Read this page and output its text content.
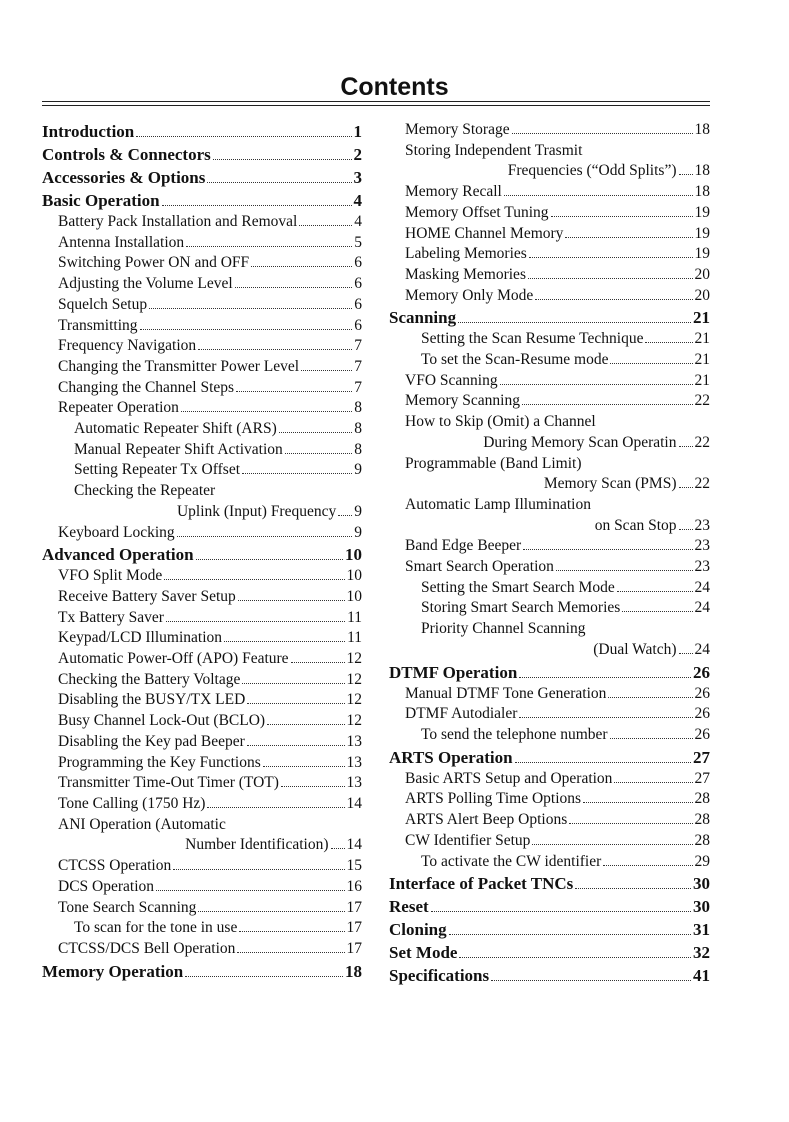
Contents
Introduction	1
Controls & Connectors	2
Accessories & Options	3
Basic Operation	4
Battery Pack Installation and Removal	4
Antenna Installation	5
Switching Power ON and OFF	6
Adjusting the Volume Level	6
Squelch Setup	6
Transmitting	6
Frequency Navigation	7
Changing the Transmitter Power Level	7
Changing the Channel Steps	7
Repeater Operation	8
Automatic Repeater Shift (ARS)	8
Manual Repeater Shift Activation	8
Setting Repeater Tx Offset	9
Checking the Repeater
Uplink (Input) Frequency 9
Keyboard Locking	9
Advanced Operation	10
VFO Split Mode	10
Receive Battery Saver Setup	10
Tx Battery Saver	11
Keypad/LCD Illumination	11
Automatic Power-Off (APO) Feature	12
Checking the Battery Voltage	12
Disabling the BUSY/TX LED	12
Busy Channel Lock-Out (BCLO)	12
Disabling the Key pad Beeper	13
Programming the Key Functions	13
Transmitter Time-Out Timer (TOT)	13
Tone Calling (1750 Hz)	14
ANI Operation (Automatic
Number Identification) 14
CTCSS Operation	15
DCS Operation	16
Tone Search Scanning	17
To scan for the tone in use	17
CTCSS/DCS Bell Operation	17
Memory Operation	18
Memory Storage	18
Storing Independent Trasmit
Frequencies (“Odd Splits”) 18
Memory Recall	18
Memory Offset Tuning	19
HOME Channel Memory	19
Labeling Memories	19
Masking Memories	20
Memory Only Mode	20
Scanning	21
Setting the Scan Resume Technique	21
To set the Scan-Resume mode	21
VFO Scanning	21
Memory Scanning	22
How to Skip (Omit) a Channel
During Memory Scan Operatin 22
Programmable (Band Limit)
Memory Scan (PMS) 22
Automatic Lamp Illumination
on Scan Stop 23
Band Edge Beeper	23
Smart Search Operation	23
Setting the Smart Search Mode	24
Storing Smart Search Memories	24
Priority Channel Scanning
(Dual Watch) 24
DTMF Operation	26
Manual DTMF Tone Generation	26
DTMF Autodialer	26
To send the telephone number	26
ARTS Operation	27
Basic ARTS Setup and Operation	27
ARTS Polling Time Options	28
ARTS Alert Beep Options	28
CW Identifier Setup	28
To activate the CW identifier	29
Interface of Packet TNCs	30
Reset	30
Cloning	31
Set Mode	32
Specifications	41
